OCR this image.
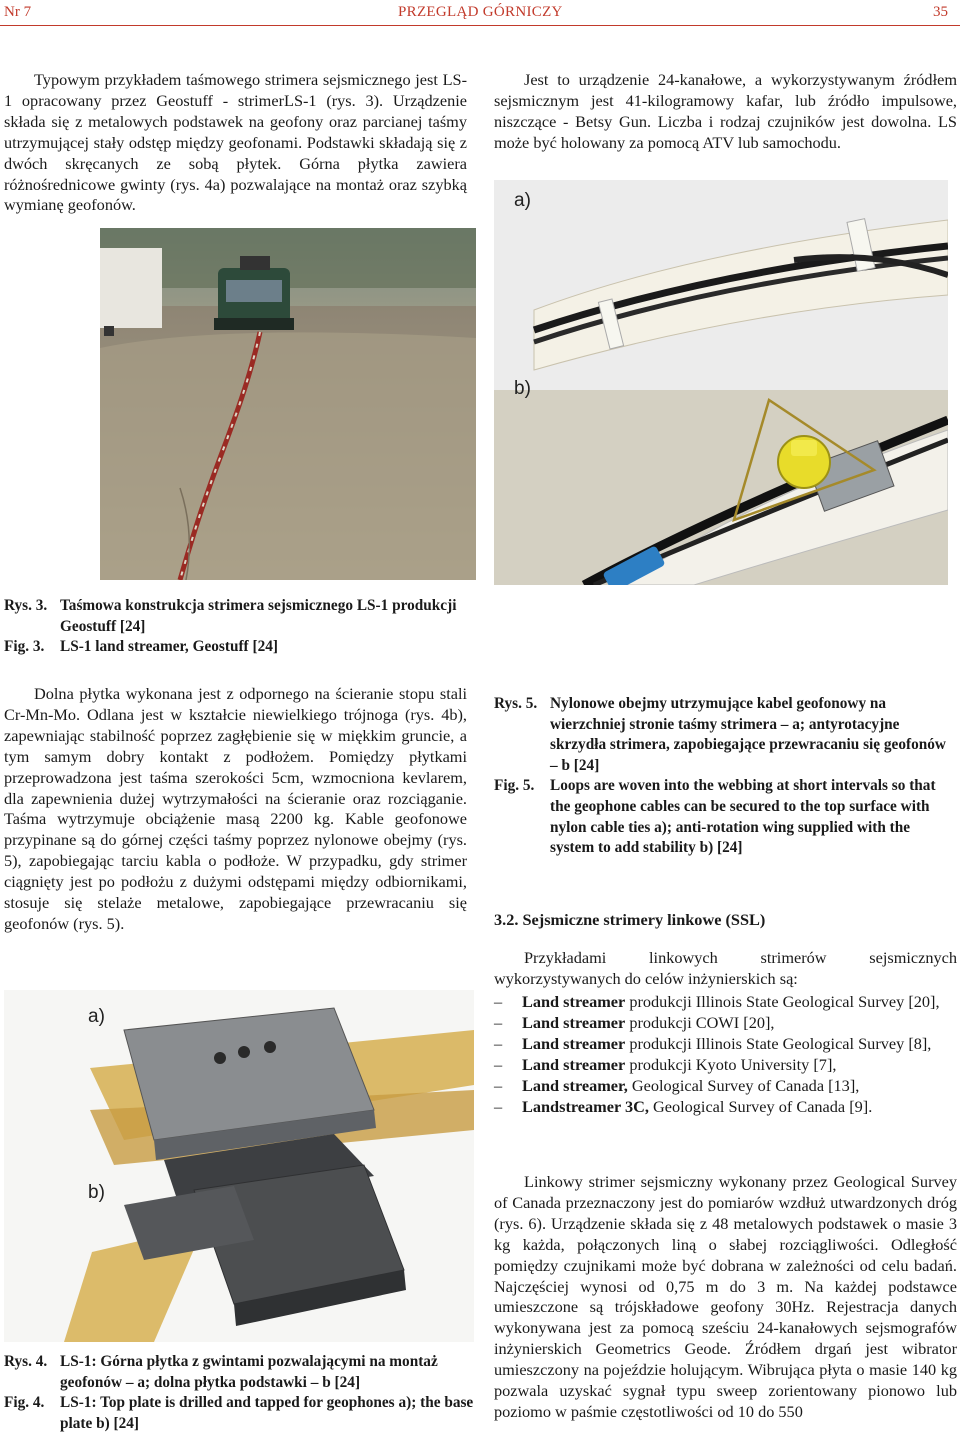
Nr 7	PRZEGLĄD GÓRNICZY	35

Typowym przykładem taśmowego strimera sejsmicznego jest LS-1 opracowany przez Geostuff - strimerLS-1 (rys. 3). Urządzenie składa się z metalowych podstawek na geofony oraz parcianej taśmy utrzymującej stały odstęp między geofonami. Podstawki składają się z dwóch skręcanych ze sobą płytek. Górna płytka zawiera różnośrednicowe gwinty (rys. 4a) pozwalające na montaż oraz szybką wymianę geofonów.

Jest to urządzenie 24-kanałowe, a wykorzystywanym źródłem sejsmicznym jest 41-kilogramowy kafar, lub źródło impulsowe, niszczące - Betsy Gun. Liczba i rodzaj czujników jest dowolna. LS może być holowany za pomocą ATV lub samochodu.

a)
b)
Rys. 3. Taśmowa konstrukcja strimera sejsmicznego LS-1 produkcji Geostuff [24]
Fig. 3. LS-1 land streamer, Geostuff [24]

Dolna płytka wykonana jest z odpornego na ścieranie stopu stali Cr-Mn-Mo. Odlana jest w kształcie niewielkiego trójnoga (rys. 4b), zapewniając stabilność poprzez zagłębienie się w miękkim gruncie, a tym samym dobry kontakt z podłożem. Pomiędzy płytkami przeprowadzona jest taśma szerokości 5cm, wzmocniona kevlarem, dla zapewnienia dużej wytrzymałości na ścieranie oraz rozciąganie. Taśma wytrzymuje obciążenie masą 2200 kg. Kable geofonowe przypinane są do górnej części taśmy poprzez nylonowe obejmy (rys. 5), zapobiegając tarciu kabla o podłoże. W przypadku, gdy strimer ciągnięty jest po podłożu z dużymi odstępami między odbiornikami, stosuje się stelaże metalowe, zapobiegające przewracaniu się geofonów (rys. 5).

Rys. 5. Nylonowe obejmy utrzymujące kabel geofonowy na wierzchniej stronie taśmy strimera – a; antyrotacyjne skrzydła strimera, zapobiegające przewracaniu się geofonów – b [24]
Fig. 5. Loops are woven into the webbing at short intervals so that the geophone cables can be secured to the top surface with nylon cable ties a); anti-rotation wing supplied with the system to add stability b) [24]
3.2. Sejsmiczne strimery linkowe (SSL)

Przykładami linkowych strimerów sejsmicznych wykorzystywanych do celów inżynierskich są:

– Land streamer produkcji Illinois State Geological Survey [20],
– Land streamer produkcji COWI [20],
– Land streamer produkcji Illinois State Geological Survey [8],
– Land streamer produkcji Kyoto University [7],
– Land streamer, Geological Survey of Canada [13],
– Landstreamer 3C, Geological Survey of Canada [9].
a)
b)
Rys. 4. LS-1: Górna płytka z gwintami pozwalającymi na montaż geofonów – a; dolna płytka podstawki – b [24]
Fig. 4. LS-1: Top plate is drilled and tapped for geophones a); the base plate b) [24]

Linkowy strimer sejsmiczny wykonany przez Geological Survey of Canada przeznaczony jest do pomiarów wzdłuż utwardzonych dróg (rys. 6). Urządzenie składa się z 48 metalowych podstawek o masie 3 kg każda, połączonych liną o słabej rozciągliwości. Odległość pomiędzy czujnikami może być dobrana w zależności od celu badań. Najczęściej wynosi od 0,75 m do 3 m. Na każdej podstawce umieszczone są trójskładowe geofony 30Hz. Rejestracja danych wykonywana jest za pomocą sześciu 24-kanałowych sejsmografów inżynierskich Geometrics Geode. Źródłem drgań jest wibrator umieszczony na pojeździe holującym. Wibrująca płyta o masie 140 kg pozwala uzyskać sygnał typu sweep zorientowany pionowo lub poziomo w paśmie częstotliwości od 10 do 550
